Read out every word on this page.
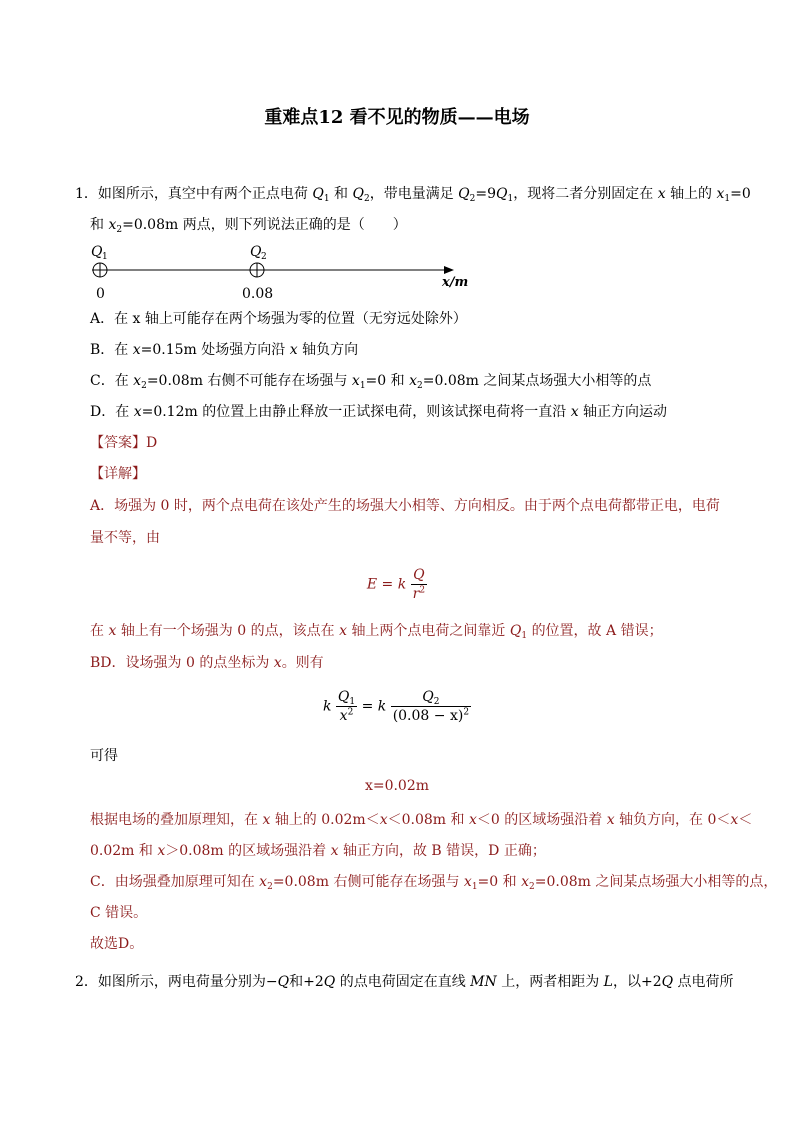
重难点12 看不见的物质——电场
1．如图所示，真空中有两个正点电荷 $Q_1$ 和 $Q_2$，带电量满足 $Q_2=9Q_1$，现将二者分别固定在 x 轴上的 $x_1=0$
和 $x_2=0.08m$ 两点，则下列说法正确的是（　　）
Q 1	Q 2
0	0.08
x/m
A．在 x 轴上可能存在两个场强为零的位置（无穷远处除外）
B．在 x=0.15m 处场强方向沿 x 轴负方向
C．在 $x_2=0.08m$ 右侧不可能存在场强与 $x_1=0$ 和 $x_2=0.08m$ 之间某点场强大小相等的点
D．在 x=0.12m 的位置上由静止释放一正试探电荷，则该试探电荷将一直沿 x 轴正方向运动
【答案】D
【详解】
A．场强为 0 时，两个点电荷在该处产生的场强大小相等、方向相反。由于两个点电荷都带正电，电荷
量不等，由
E = k $\frac{Q}{r^2}$
在 x 轴上有一个场强为 0 的点，该点在 x 轴上两个点电荷之间靠近 $Q_1$ 的位置，故 A 错误；
BD．设场强为 0 的点坐标为 x。则有
k $\frac{Q_1}{x^2} = k \frac{Q_2}{(0.08 - x)^2}$
可得
x=0.02m
根据电场的叠加原理知，在 x 轴上的 0.02m＜x＜0.08m 和 x＜0 的区域场强沿着 x 轴负方向，在 0＜x＜
0.02m 和 x＞0.08m 的区域场强沿着 x 轴正方向，故 B 错误，D 正确；
C．由场强叠加原理可知在 $x_2=0.08m$ 右侧可能存在场强与 $x_1=0$ 和 $x_2=0.08m$ 之间某点场强大小相等的点，
C 错误。
故选D。
2．如图所示，两电荷量分别为−Q和+2Q 的点电荷固定在直线 MN 上，两者相距为 L，以+2Q 点电荷所
